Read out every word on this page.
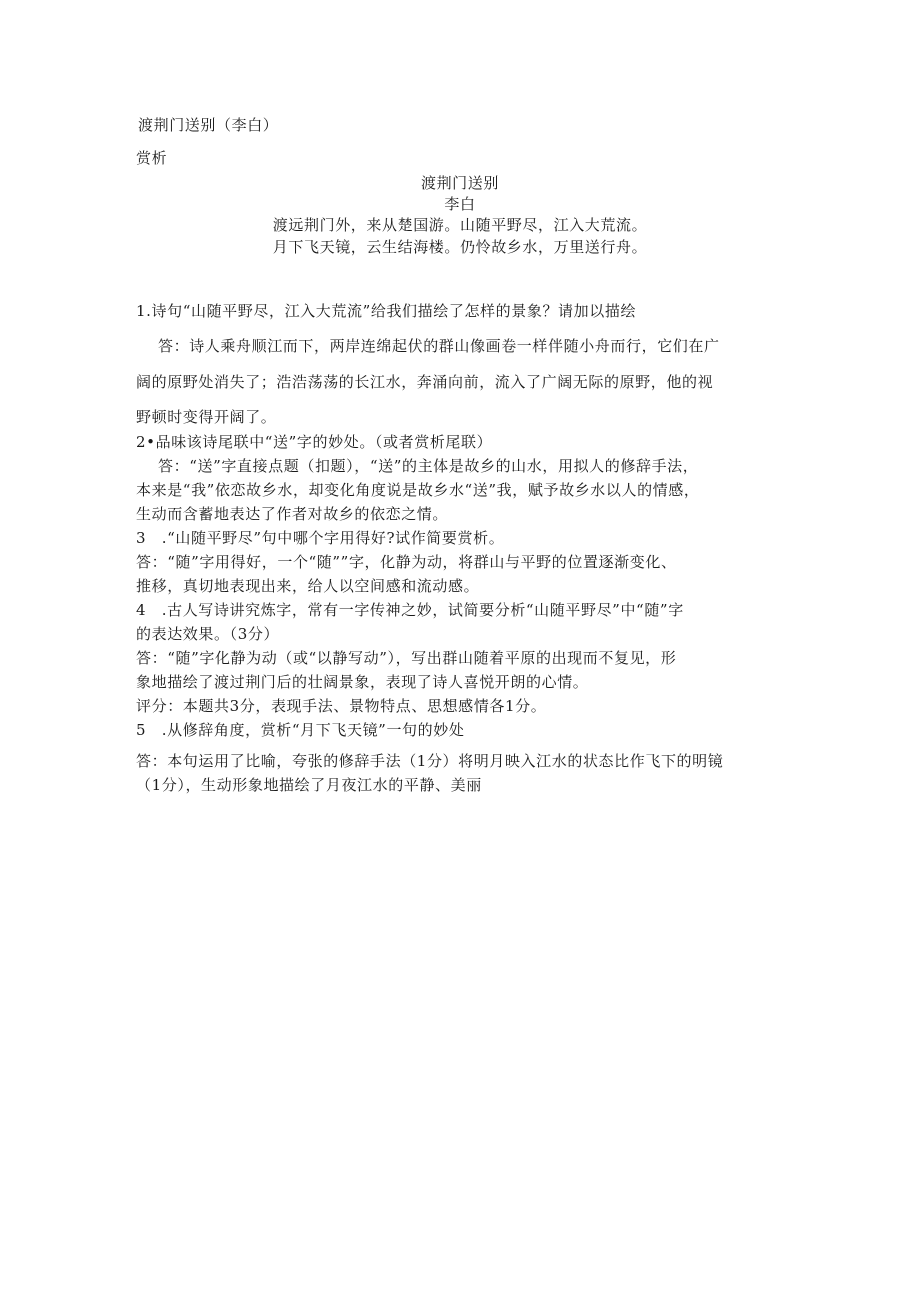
渡荆门送别（李白）
赏析
渡荆门送别
李白
渡远荆门外，来从楚国游。山随平野尽，江入大荒流。
月下飞天镜，云生结海楼。仍怜故乡水，万里送行舟。
1.诗句“山随平野尽，江入大荒流”给我们描绘了怎样的景象？请加以描绘
答：诗人乘舟顺江而下，两岸连绵起伏的群山像画卷一样伴随小舟而行，它们在广
阔的原野处消失了；浩浩荡荡的长江水，奔涌向前，流入了广阔无际的原野，他的视
野顿时变得开阔了。
2•品味该诗尾联中“送”字的妙处。（或者赏析尾联）
答：“送”字直接点题（扣题），“送”的主体是故乡的山水，用拟人的修辞手法，
本来是“我”依恋故乡水，却变化角度说是故乡水“送”我，赋予故乡水以人的情感，
生动而含蓄地表达了作者对故乡的依恋之情。
3　.“山随平野尽”句中哪个字用得好?试作简要赏析。
答：“随”字用得好，一个“随””字，化静为动，将群山与平野的位置逐渐变化、
推移，真切地表现出来，给人以空间感和流动感。
4　.古人写诗讲究炼字，常有一字传神之妙，试简要分析“山随平野尽”中“随”字
的表达效果。（3分）
答：“随”字化静为动（或“以静写动”），写出群山随着平原的出现而不复见，形
象地描绘了渡过荆门后的壮阔景象，表现了诗人喜悦开朗的心情。
评分：本题共3分，表现手法、景物特点、思想感情各1分。
5　.从修辞角度，赏析“月下飞天镜”一句的妙处
答：本句运用了比喻，夸张的修辞手法（1分）将明月映入江水的状态比作飞下的明镜
（1分），生动形象地描绘了月夜江水的平静、美丽
